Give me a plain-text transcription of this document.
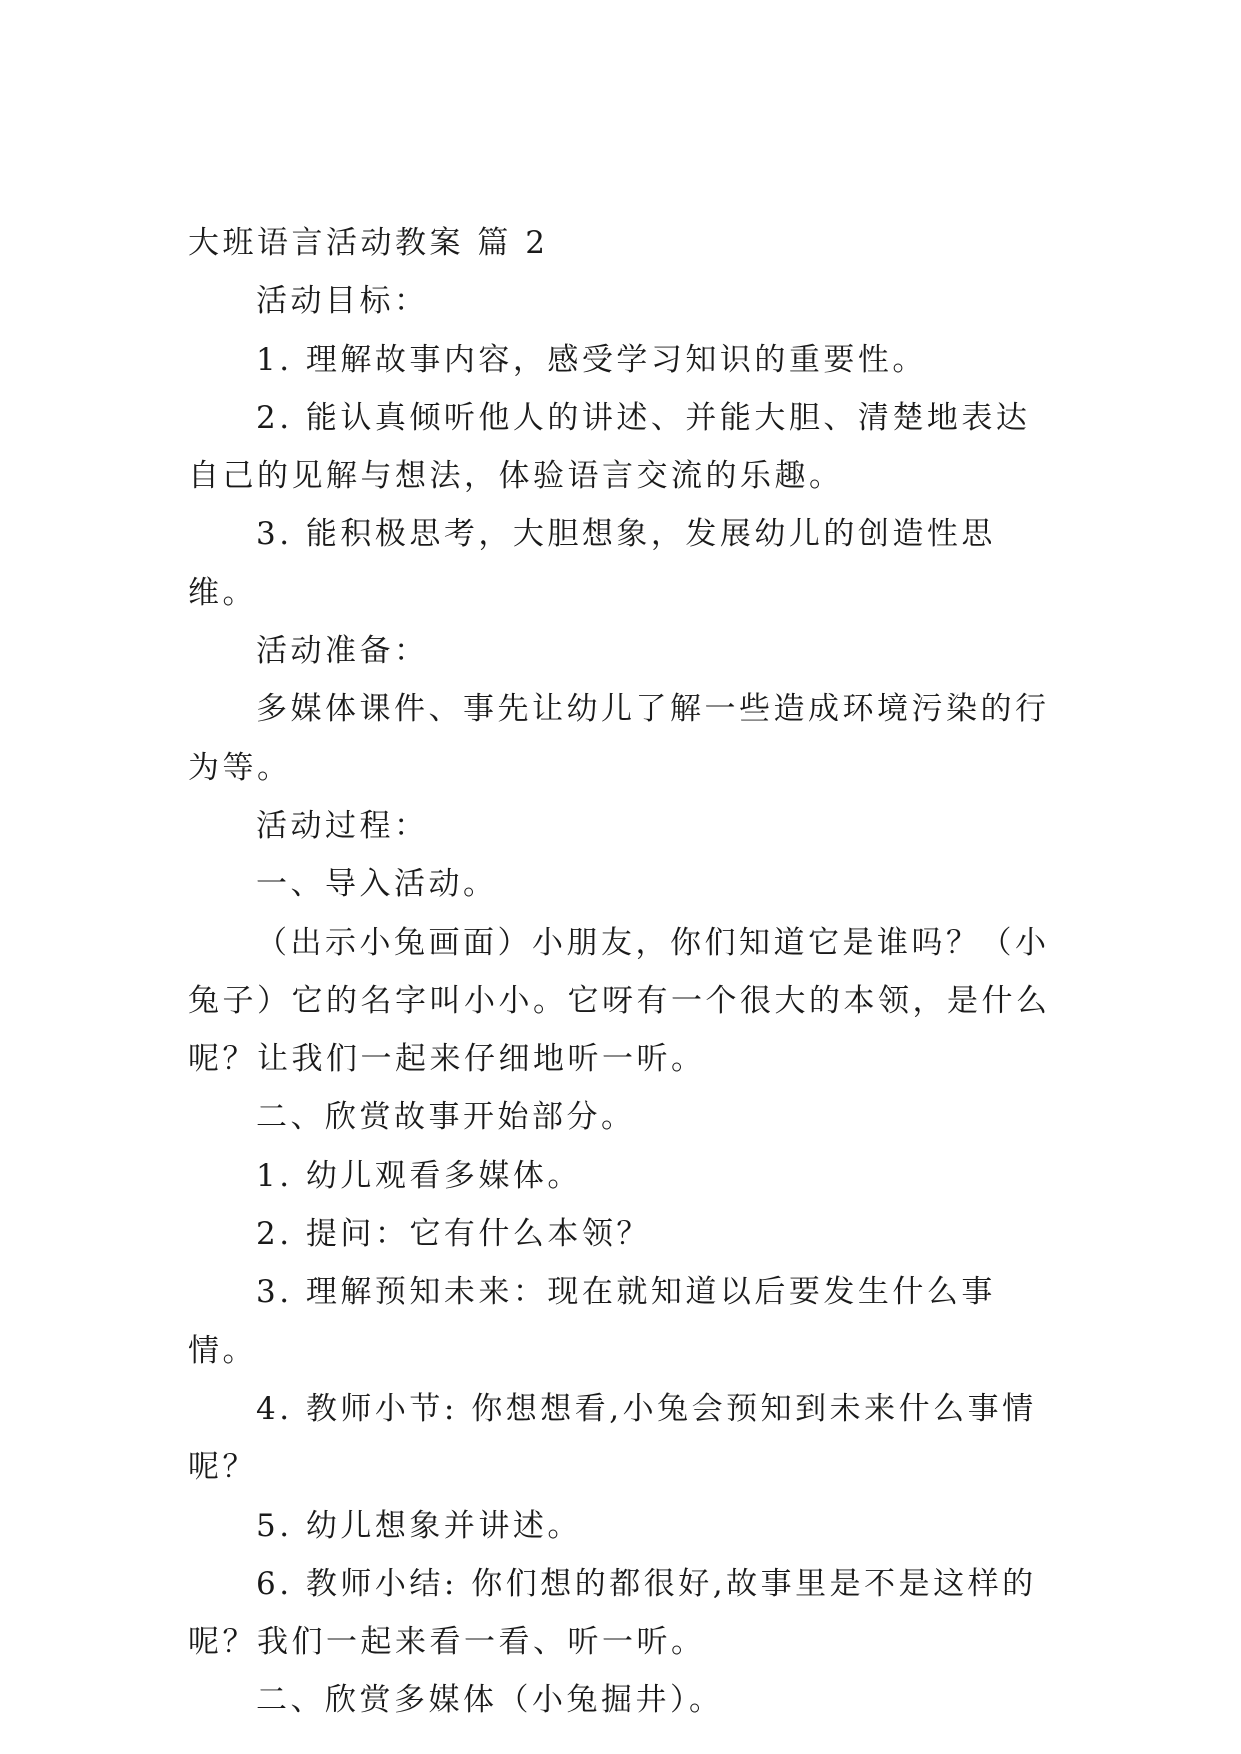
大班语言活动教案 篇 2

活动目标：

1. 理解故事内容，感受学习知识的重要性。

2. 能认真倾听他人的讲述、并能大胆、清楚地表达自己的见解与想法，体验语言交流的乐趣。

3. 能积极思考，大胆想象，发展幼儿的创造性思维。

活动准备：

多媒体课件、事先让幼儿了解一些造成环境污染的行为等。

活动过程：

一、导入活动。

（出示小兔画面）小朋友，你们知道它是谁吗？（小兔子）它的名字叫小小。它呀有一个很大的本领，是什么呢？让我们一起来仔细地听一听。

二、欣赏故事开始部分。

1. 幼儿观看多媒体。

2. 提问：它有什么本领？

3. 理解预知未来：现在就知道以后要发生什么事情。

4. 教师小节: 你想想看,小兔会预知到未来什么事情呢？

5. 幼儿想象并讲述。

6. 教师小结: 你们想的都很好,故事里是不是这样的呢？我们一起来看一看、听一听。

二、欣赏多媒体（小兔掘井）。
